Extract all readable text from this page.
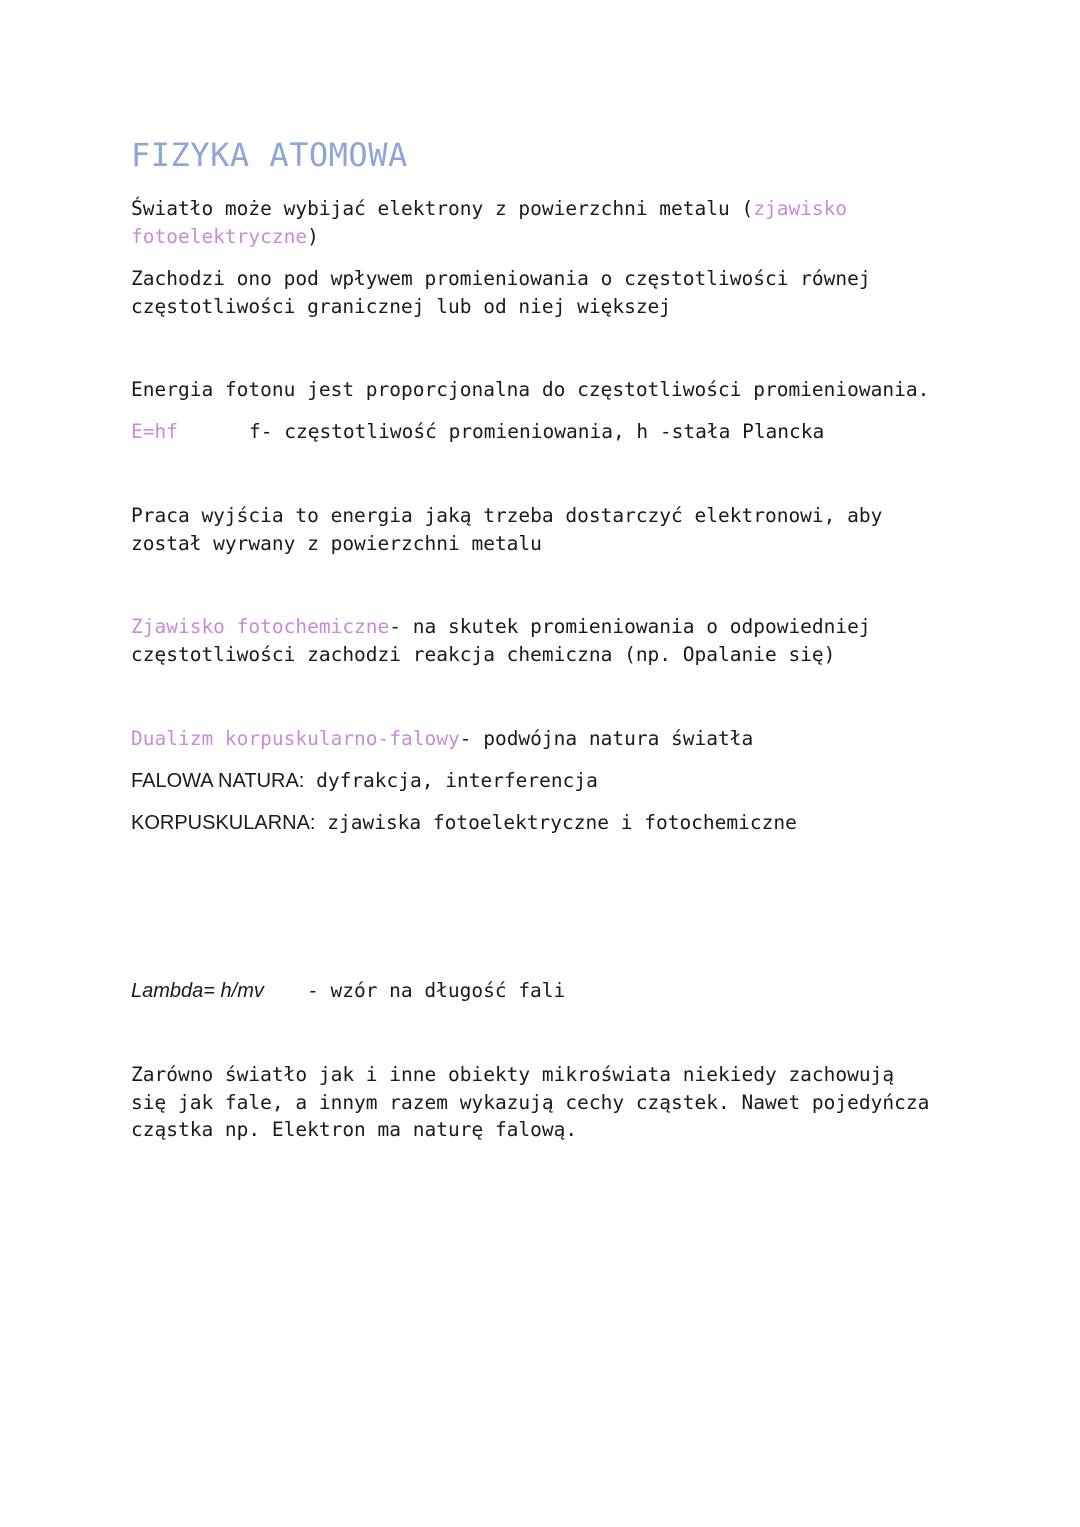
FIZYKA ATOMOWA
Światło może wybijać elektrony z powierzchni metalu (zjawisko
fotoelektryczne)
Zachodzi ono pod wpływem promieniowania o częstotliwości równej
częstotliwości granicznej lub od niej większej
Energia fotonu jest proporcjonalna do częstotliwości promieniowania.
E=hf	f- częstotliwość promieniowania, h -stała Plancka
Praca wyjścia to energia jaką trzeba dostarczyć elektronowi, aby
został wyrwany z powierzchni metalu
Zjawisko fotochemiczne- na skutek promieniowania o odpowiedniej
częstotliwości zachodzi reakcja chemiczna (np. Opalanie się)
Dualizm korpuskularno-falowy- podwójna natura światła
FALOWA NATURA: dyfrakcja, interferencja
KORPUSKULARNA: zjawiska fotoelektryczne i fotochemiczne
Lambda= h/mv - wzór na długość fali
Zarówno światło jak i inne obiekty mikroświata niekiedy zachowują
się jak fale, a innym razem wykazują cechy cząstek. Nawet pojedyńcza
cząstka np. Elektron ma naturę falową.
